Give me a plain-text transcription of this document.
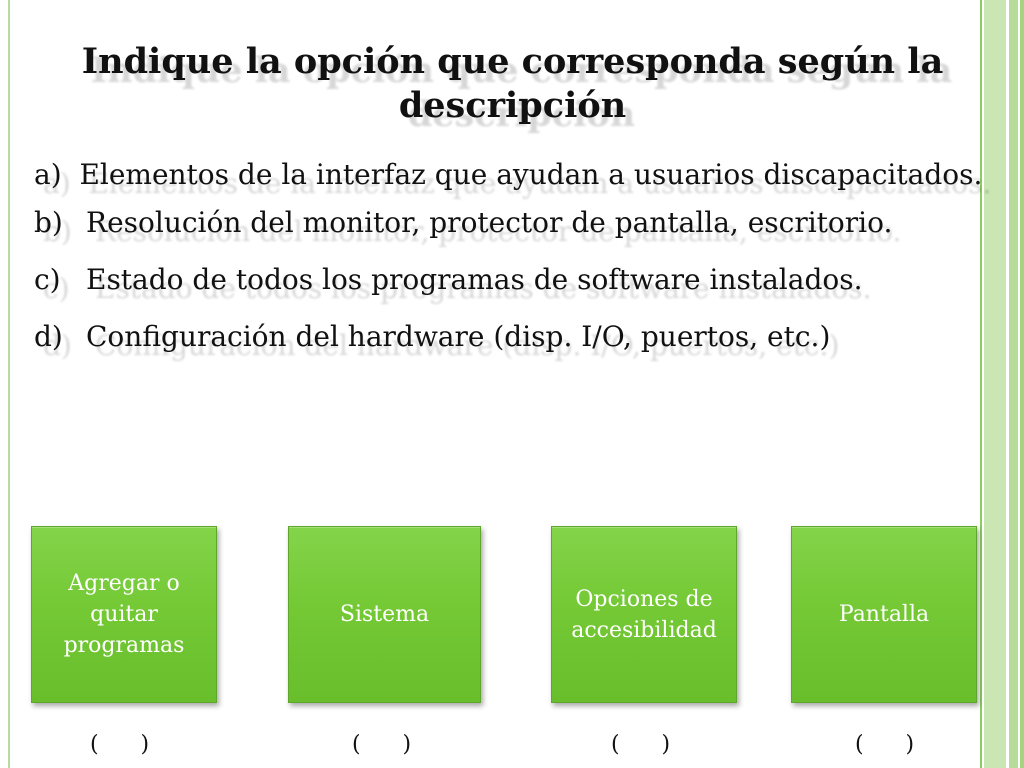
Indique la opción que corresponda según la descripción
a) Elementos de la interfaz que ayudan a usuarios discapacitados.
b) Resolución del monitor, protector de pantalla, escritorio.
c) Estado de todos los programas de software instalados.
d) Configuración del hardware (disp. I/O, puertos, etc.)
Agregar o quitar programas
Sistema
Opciones de accesibilidad
Pantalla
(      )	(      )	(      )	(      )
